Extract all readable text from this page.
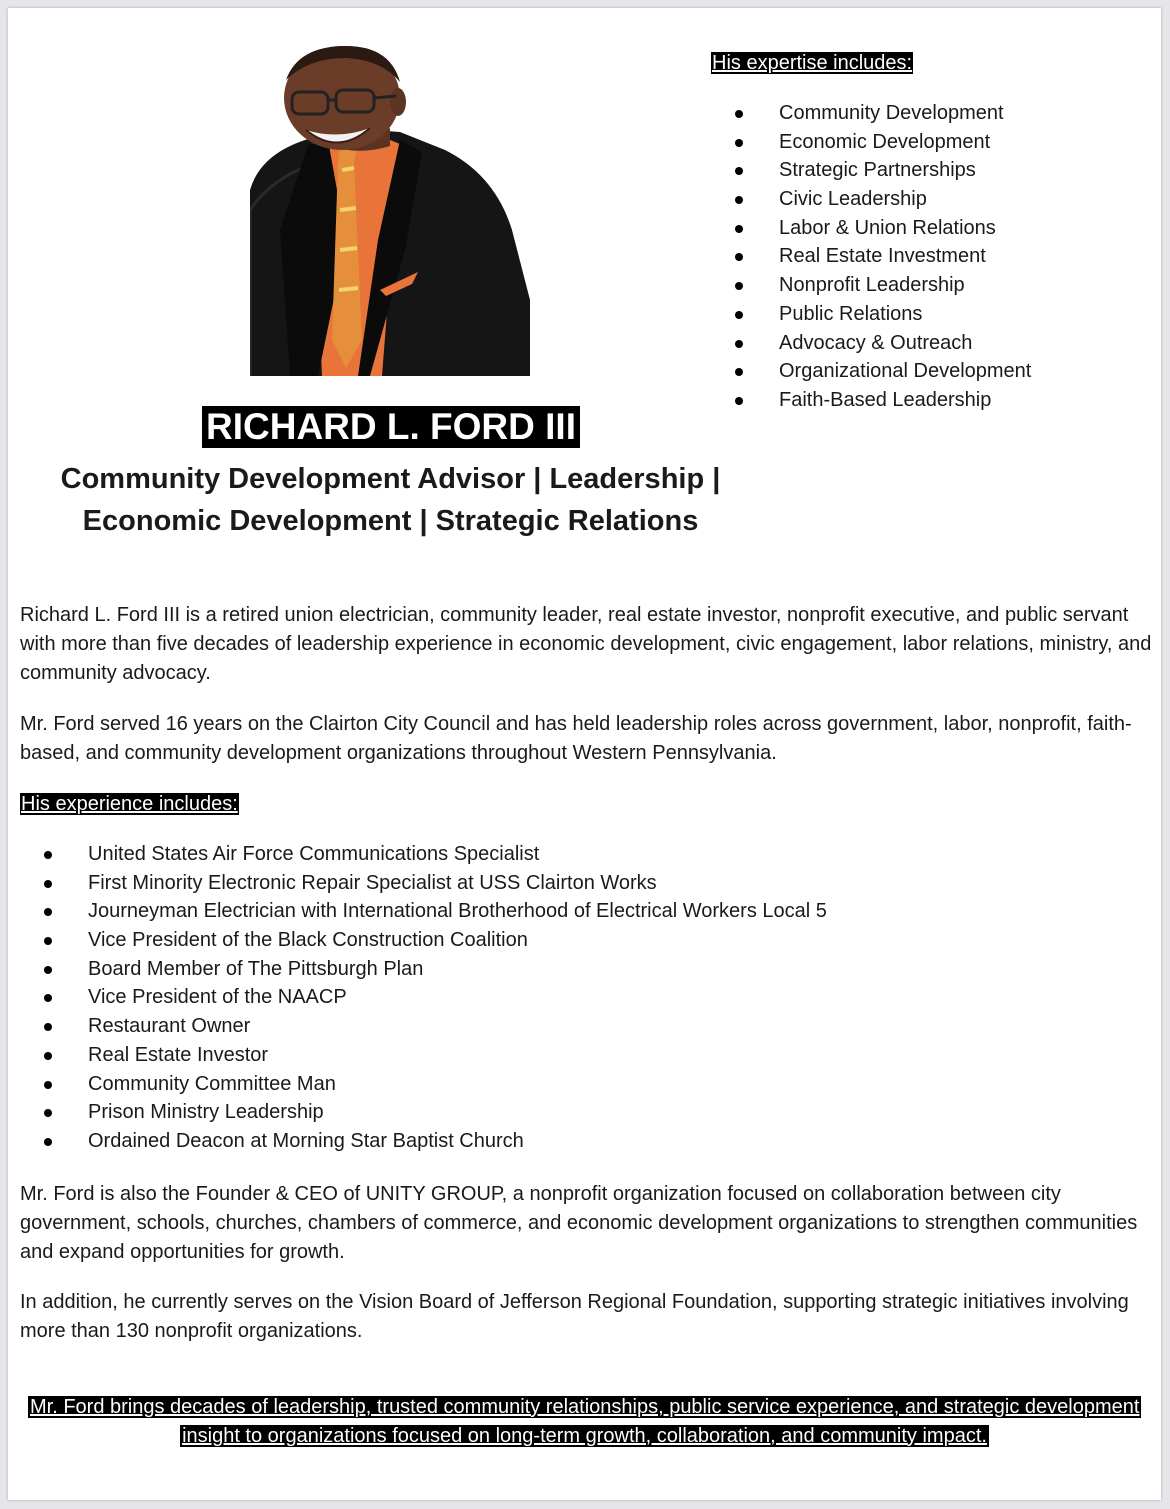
RICHARD L. FORD III
Community Development Advisor | Leadership | Economic Development | Strategic Relations
His expertise includes:
Community Development
Economic Development
Strategic Partnerships
Civic Leadership
Labor & Union Relations
Real Estate Investment
Nonprofit Leadership
Public Relations
Advocacy & Outreach
Organizational Development
Faith-Based Leadership

Richard L. Ford III is a retired union electrician, community leader, real estate investor, nonprofit executive, and public servant with more than five decades of leadership experience in economic development, civic engagement, labor relations, ministry, and community advocacy.

Mr. Ford served 16 years on the Clairton City Council and has held leadership roles across government, labor, nonprofit, faith-based, and community development organizations throughout Western Pennsylvania.

His experience includes:
United States Air Force Communications Specialist
First Minority Electronic Repair Specialist at USS Clairton Works
Journeyman Electrician with International Brotherhood of Electrical Workers Local 5
Vice President of the Black Construction Coalition
Board Member of The Pittsburgh Plan
Vice President of the NAACP
Restaurant Owner
Real Estate Investor
Community Committee Man
Prison Ministry Leadership
Ordained Deacon at Morning Star Baptist Church

Mr. Ford is also the Founder & CEO of UNITY GROUP, a nonprofit organization focused on collaboration between city government, schools, churches, chambers of commerce, and economic development organizations to strengthen communities and expand opportunities for growth.

In addition, he currently serves on the Vision Board of Jefferson Regional Foundation, supporting strategic initiatives involving more than 130 nonprofit organizations.

Mr. Ford brings decades of leadership, trusted community relationships, public service experience, and strategic development insight to organizations focused on long-term growth, collaboration, and community impact.
